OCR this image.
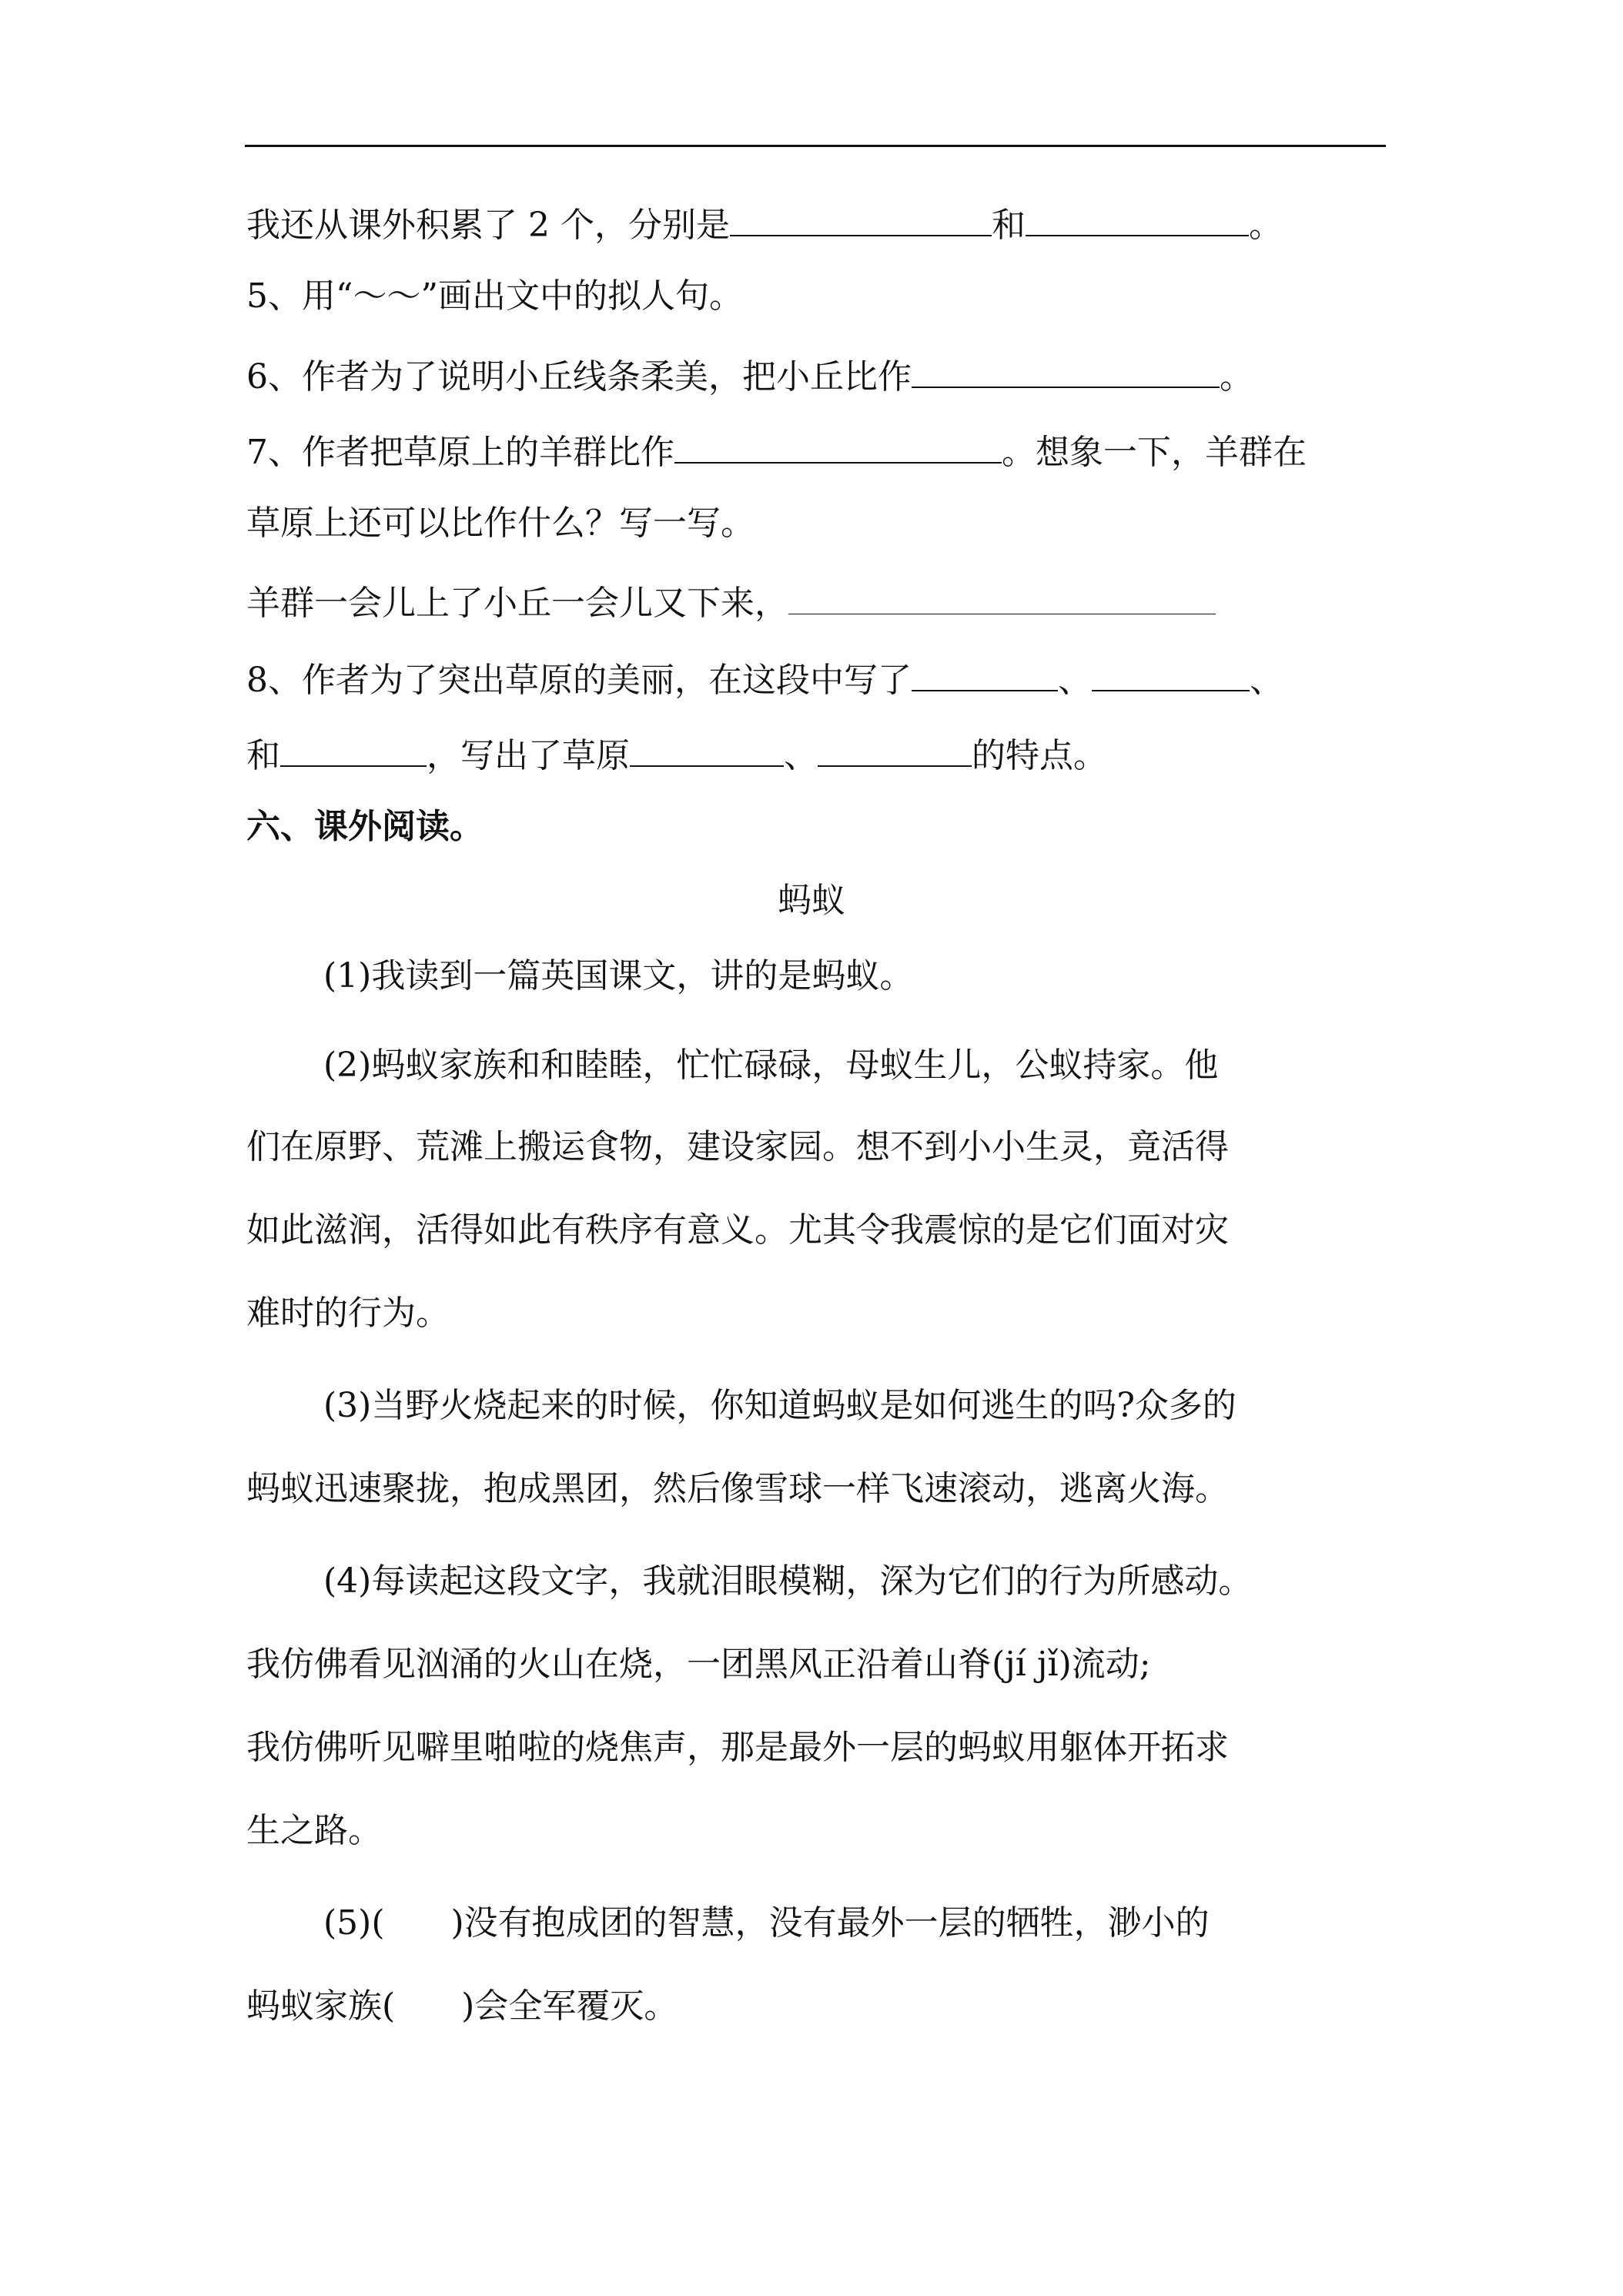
我还从课外积累了 2 个，分别是	和	。
5、用“～～”画出文中的拟人句。
6、作者为了说明小丘线条柔美，把小丘比作	。
7、作者把草原上的羊群比作	。想象一下，羊群在
草原上还可以比作什么？写一写。
羊群一会儿上了小丘一会儿又下来，
8、作者为了突出草原的美丽，在这段中写了	、	、
和	，写出了草原	、	的特点。
六、课外阅读。
蚂蚁
(1)我读到一篇英国课文，讲的是蚂蚁。
(2)蚂蚁家族和和睦睦，忙忙碌碌，母蚁生儿，公蚁持家。他
们在原野、荒滩上搬运食物，建设家园。想不到小小生灵，竟活得
如此滋润，活得如此有秩序有意义。尤其令我震惊的是它们面对灾
难时的行为。
(3)当野火烧起来的时候，你知道蚂蚁是如何逃生的吗?众多的
蚂蚁迅速聚拢，抱成黑团，然后像雪球一样飞速滚动，逃离火海。
(4)每读起这段文字，我就泪眼模糊，深为它们的行为所感动。
我仿佛看见汹涌的火山在烧，一团黑风正沿着山脊(jí jǐ)流动;
我仿佛听见噼里啪啦的烧焦声，那是最外一层的蚂蚁用躯体开拓求
生之路。
(5)( )没有抱成团的智慧，没有最外一层的牺牲，渺小的
蚂蚁家族( )会全军覆灭。
